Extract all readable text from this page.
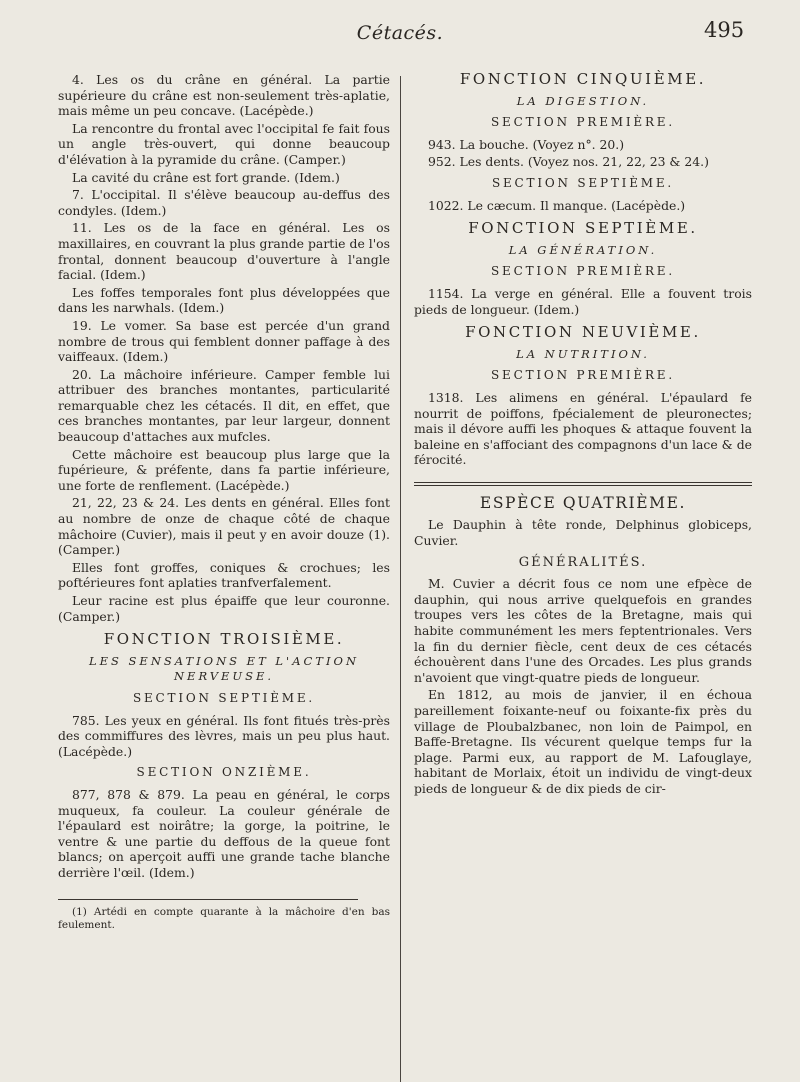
Cétacés.	495

4. Les os du crâne en général. La partie supérieure du crâne est non-seulement très-aplatie, mais même un peu concave. (Lacépède.)

La rencontre du frontal avec l'occipital fe fait fous un angle très-ouvert, qui donne beaucoup d'élévation à la pyramide du crâne. (Camper.)

La cavité du crâne est fort grande. (Idem.)

7. L'occipital. Il s'élève beaucoup au-deffus des condyles. (Idem.)

11. Les os de la face en général. Les os maxillaires, en couvrant la plus grande partie de l'os frontal, donnent beaucoup d'ouverture à l'angle facial. (Idem.)

Les foffes temporales font plus développées que dans les narwhals. (Idem.)

19. Le vomer. Sa base est percée d'un grand nombre de trous qui femblent donner paffage à des vaiffeaux. (Idem.)

20. La mâchoire inférieure. Camper femble lui attribuer des branches montantes, particularité remarquable chez les cétacés. Il dit, en effet, que ces branches montantes, par leur largeur, donnent beaucoup d'attaches aux mufcles.

Cette mâchoire est beaucoup plus large que la fupérieure, & préfente, dans fa partie inférieure, une forte de renflement. (Lacépède.)

21, 22, 23 & 24. Les dents en général. Elles font au nombre de onze de chaque côté de chaque mâchoire (Cuvier), mais il peut y en avoir douze (1). (Camper.)

Elles font groffes, coniques & crochues; les poftérieures font aplaties tranfverfalement.

Leur racine est plus épaiffe que leur couronne. (Camper.)

FONCTION TROISIÈME.
LES SENSATIONS ET L'ACTION NERVEUSE.
SECTION SEPTIÈME.

785. Les yeux en général. Ils font fitués très-près des commiffures des lèvres, mais un peu plus haut. (Lacépède.)

SECTION ONZIÈME.

877, 878 & 879. La peau en général, le corps muqueux, fa couleur. La couleur générale de l'épaulard est noirâtre; la gorge, la poitrine, le ventre & une partie du deffous de la queue font blancs; on aperçoit auffi une grande tache blanche derrière l'œil. (Idem.)

(1) Artédi en compte quarante à la mâchoire d'en bas feulement.

FONCTION CINQUIÈME.
LA DIGESTION.
SECTION PREMIÈRE.

943. La bouche. (Voyez n°. 20.)

952. Les dents. (Voyez nos. 21, 22, 23 & 24.)

SECTION SEPTIÈME.

1022. Le cæcum. Il manque. (Lacépède.)

FONCTION SEPTIÈME.
LA GÉNÉRATION.
SECTION PREMIÈRE.

1154. La verge en général. Elle a fouvent trois pieds de longueur. (Idem.)

FONCTION NEUVIÈME.
LA NUTRITION.
SECTION PREMIÈRE.

1318. Les alimens en général. L'épaulard fe nourrit de poiffons, fpécialement de pleuronectes; mais il dévore auffi les phoques & attaque fouvent la baleine en s'affociant des compagnons d'un lace & de férocité.

ESPÈCE QUATRIÈME.

Le Dauphin à tête ronde, Delphinus globiceps, Cuvier.

GÉNÉRALITÉS.

M. Cuvier a décrit fous ce nom une efpèce de dauphin, qui nous arrive quelquefois en grandes troupes vers les côtes de la Bretagne, mais qui habite communément les mers feptentrionales. Vers la fin du dernier fiècle, cent deux de ces cétacés échouèrent dans l'une des Orcades. Les plus grands n'avoient que vingt-quatre pieds de longueur.

En 1812, au mois de janvier, il en échoua pareillement foixante-neuf ou foixante-fix près du village de Ploubalzbanec, non loin de Paimpol, en Baffe-Bretagne. Ils vécurent quelque temps fur la plage. Parmi eux, au rapport de M. Lafouglaye, habitant de Morlaix, étoit un individu de vingt-deux pieds de longueur & de dix pieds de cir-
